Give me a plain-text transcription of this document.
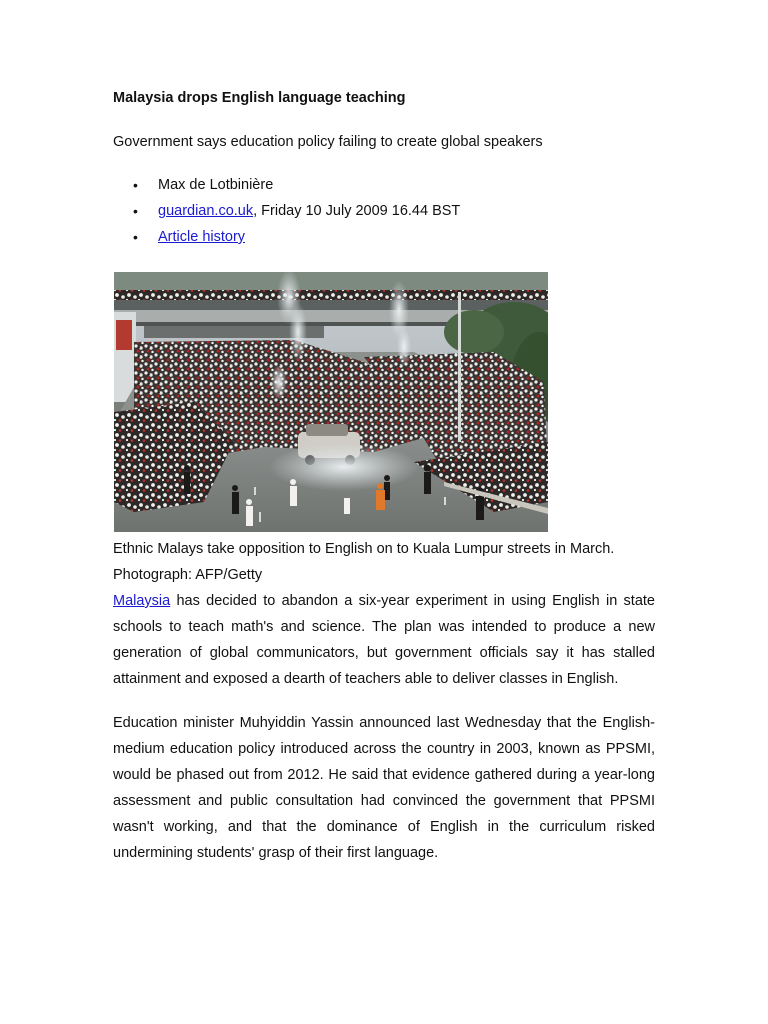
Malaysia drops English language teaching

Government says education policy failing to create global speakers

• Max de Lotbinière
• guardian.co.uk, Friday 10 July 2009 16.44 BST
• Article history

Ethnic Malays take opposition to English on to Kuala Lumpur streets in March.
Photograph: AFP/Getty

Malaysia has decided to abandon a six-year experiment in using English in state schools to teach math's and science. The plan was intended to produce a new generation of global communicators, but government officials say it has stalled attainment and exposed a dearth of teachers able to deliver classes in English.

Education minister Muhyiddin Yassin announced last Wednesday that the English-medium education policy introduced across the country in 2003, known as PPSMI, would be phased out from 2012. He said that evidence gathered during a year-long assessment and public consultation had convinced the government that PPSMI wasn't working, and that the dominance of English in the curriculum risked undermining students' grasp of their first language.
